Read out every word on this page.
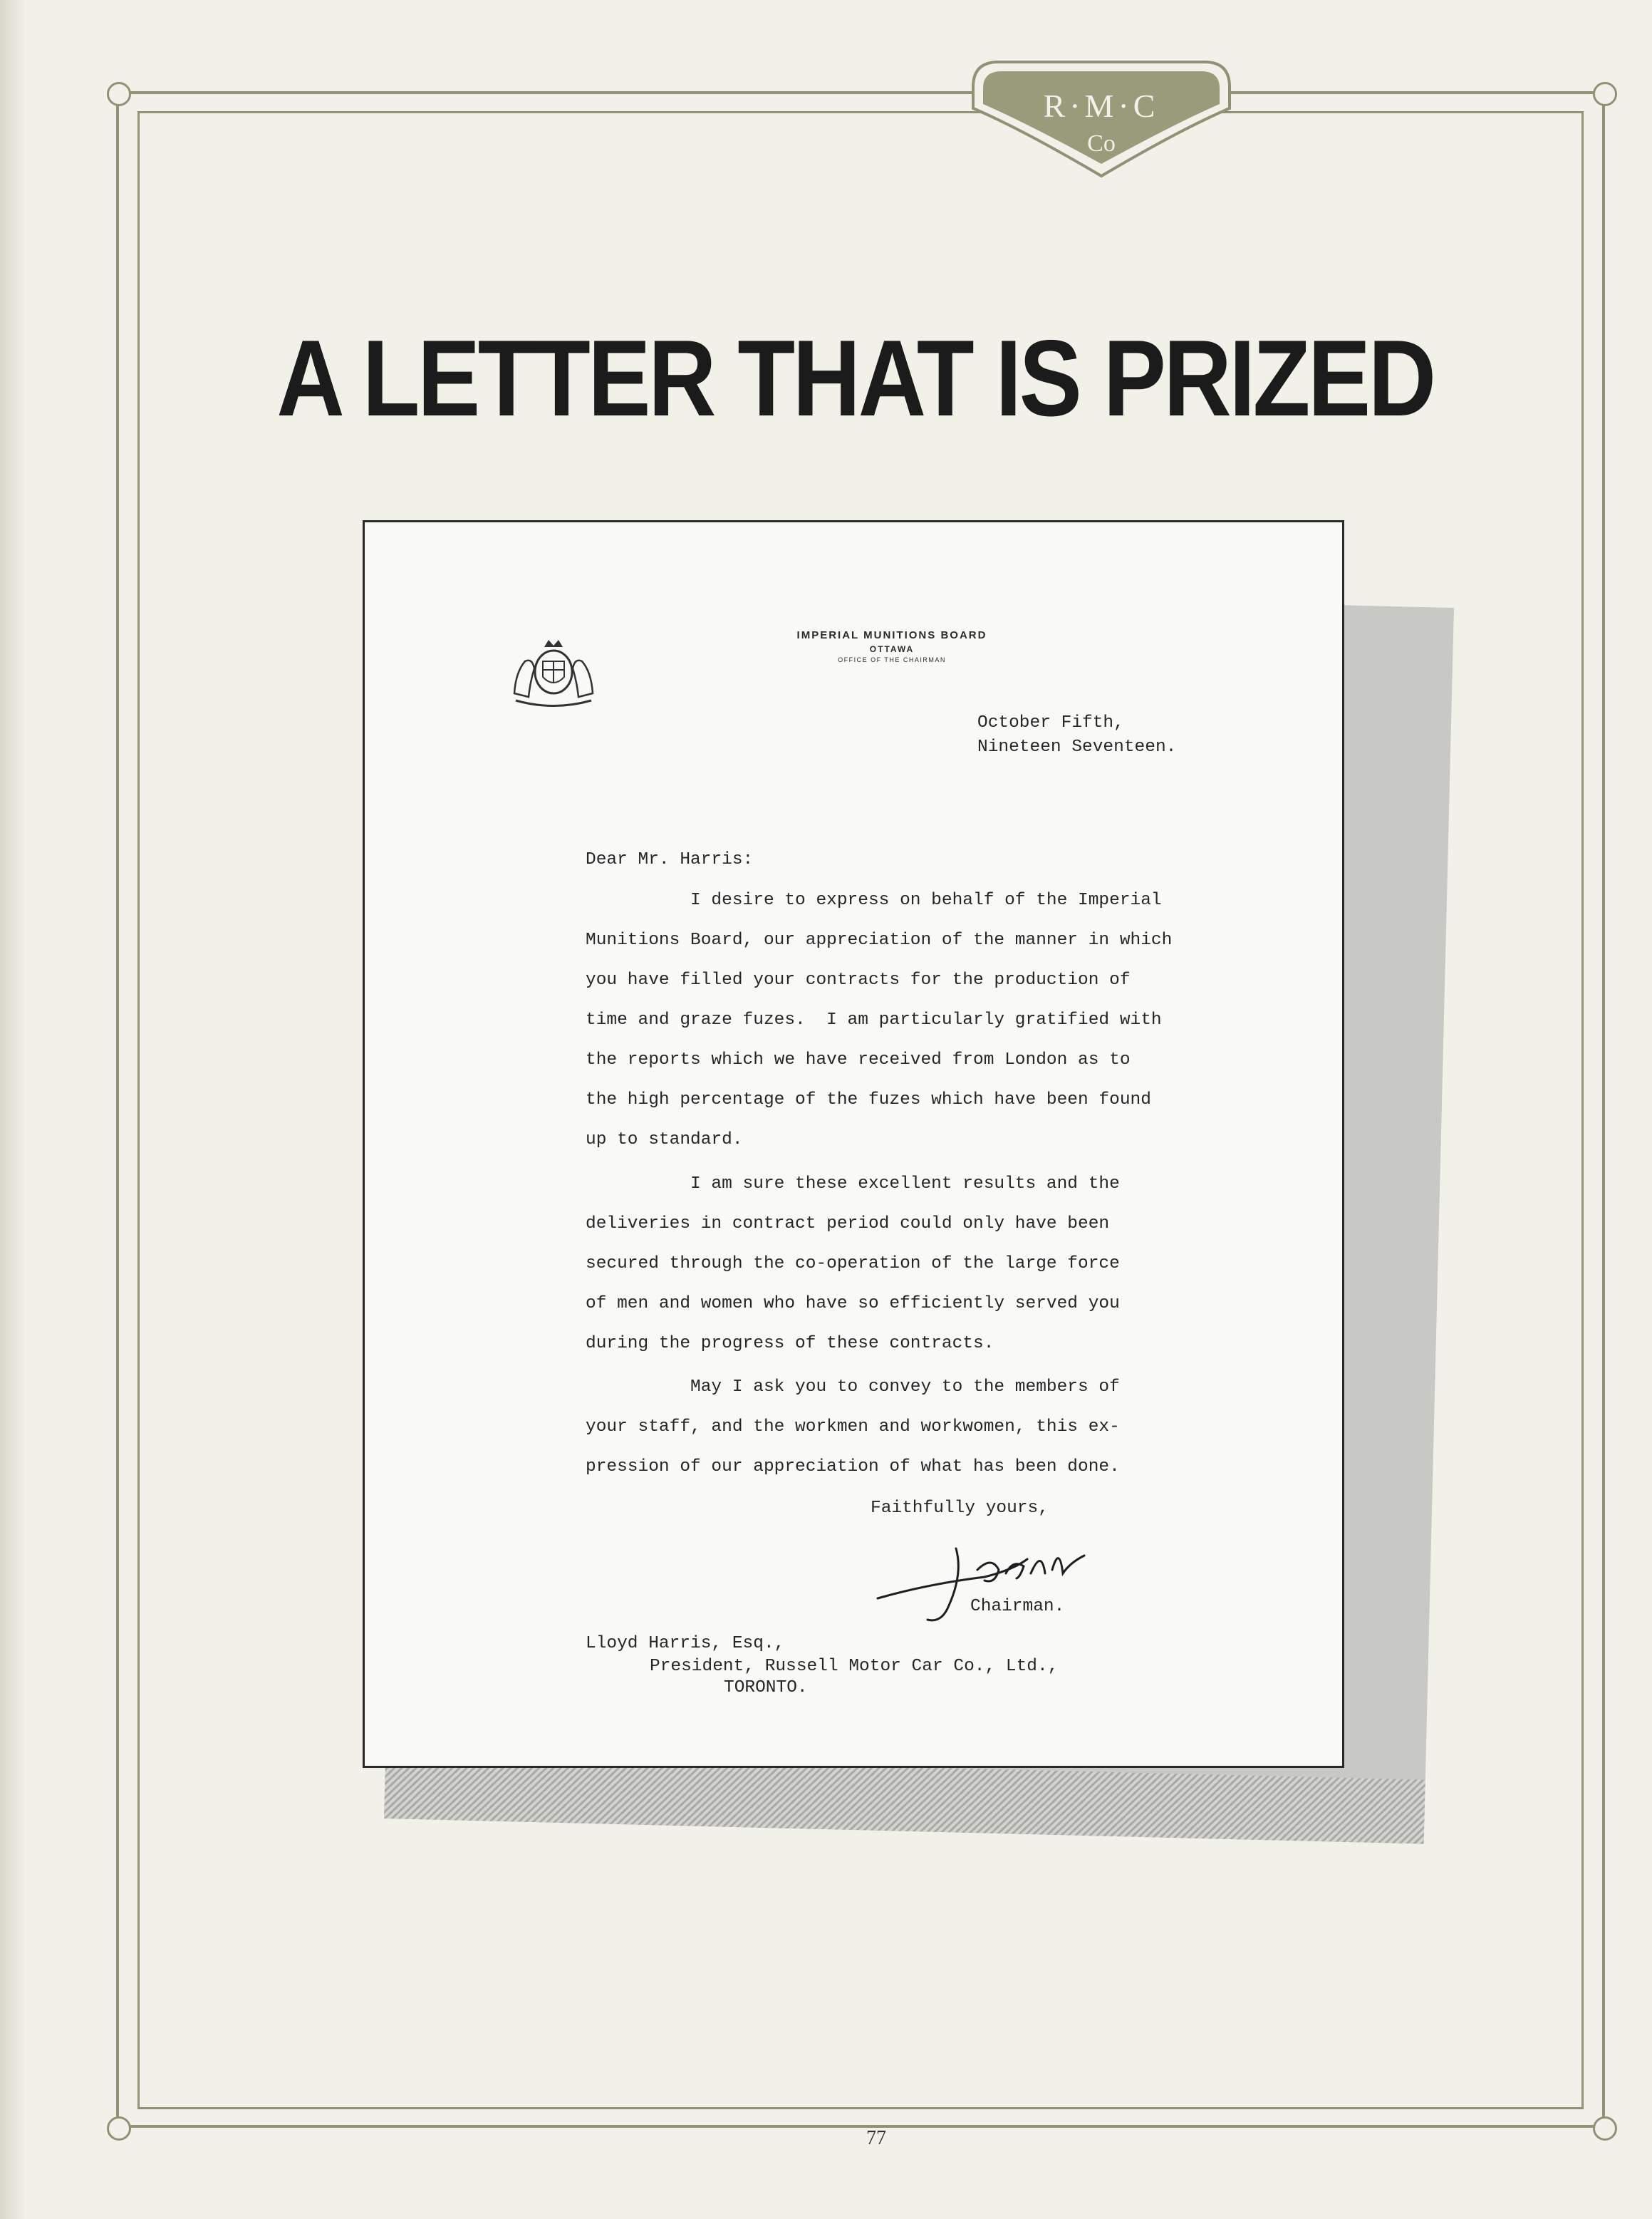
R·M·C
Co
A LETTER THAT IS PRIZED
IMPERIAL MUNITIONS BOARD
OTTAWA
OFFICE OF THE CHAIRMAN
October Fifth,
Nineteen Seventeen.
Dear Mr. Harris:
I desire to express on behalf of the Imperial
Munitions Board, our appreciation of the manner in which
you have filled your contracts for the production of
time and graze fuzes.  I am particularly gratified with
the reports which we have received from London as to
the high percentage of the fuzes which have been found
up to standard.
I am sure these excellent results and the
deliveries in contract period could only have been
secured through the co-operation of the large force
of men and women who have so efficiently served you
during the progress of these contracts.
May I ask you to convey to the members of
your staff, and the workmen and workwomen, this ex-
pression of our appreciation of what has been done.
Faithfully yours,
Chairman.
Lloyd Harris, Esq.,
President, Russell Motor Car Co., Ltd.,
TORONTO.
77
